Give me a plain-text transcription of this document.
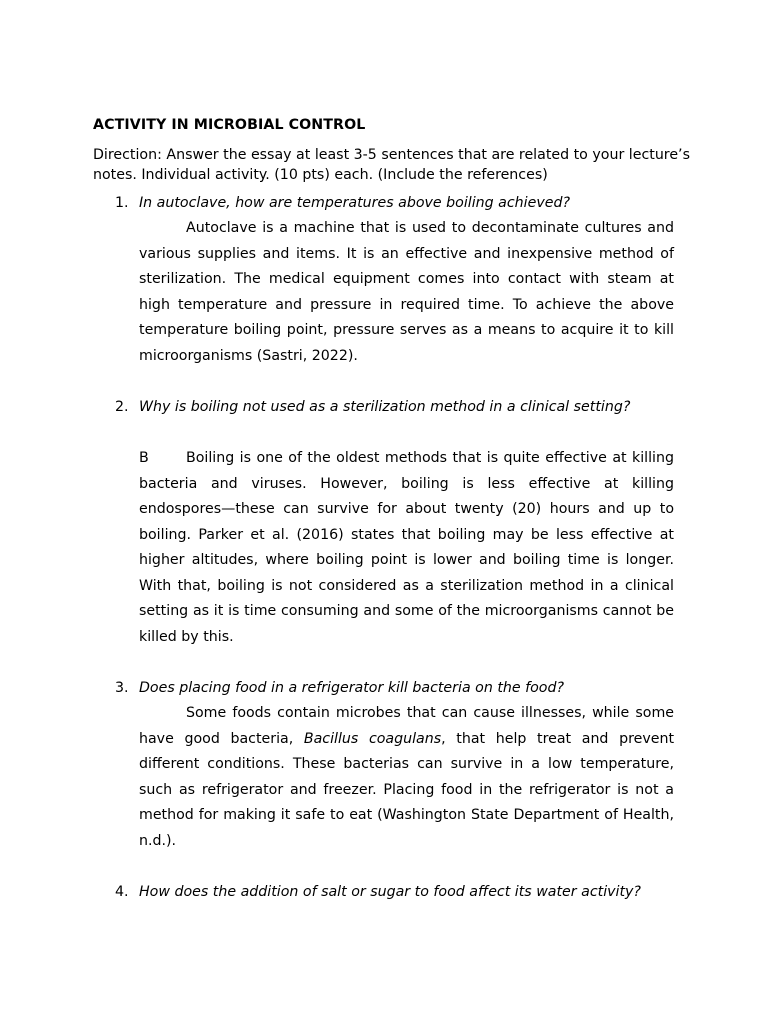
ACTIVITY IN MICROBIAL CONTROL
Direction: Answer the essay at least 3-5 sentences that are related to your lecture’s notes. Individual activity. (10 pts) each. (Include the references)
1. In autoclave, how are temperatures above boiling achieved?
Autoclave is a machine that is used to decontaminate cultures and various supplies and items. It is an effective and inexpensive method of sterilization. The medical equipment comes into contact with steam at high temperature and pressure in required time. To achieve the above temperature boiling point, pressure serves as a means to acquire it to kill microorganisms (Sastri, 2022).
2. Why is boiling not used as a sterilization method in a clinical setting?
B	Boiling is one of the oldest methods that is quite effective at killing bacteria and viruses. However, boiling is less effective at killing endospores—these can survive for about twenty (20) hours and up to boiling. Parker et al. (2016) states that boiling may be less effective at higher altitudes, where boiling point is lower and boiling time is longer. With that, boiling is not considered as a sterilization method in a clinical setting as it is time consuming and some of the microorganisms cannot be killed by this.
3. Does placing food in a refrigerator kill bacteria on the food?
Some foods contain microbes that can cause illnesses, while some have good bacteria, Bacillus coagulans, that help treat and prevent different conditions. These bacterias can survive in a low temperature, such as refrigerator and freezer. Placing food in the refrigerator is not a method for making it safe to eat (Washington State Department of Health, n.d.).
4. How does the addition of salt or sugar to food affect its water activity?
